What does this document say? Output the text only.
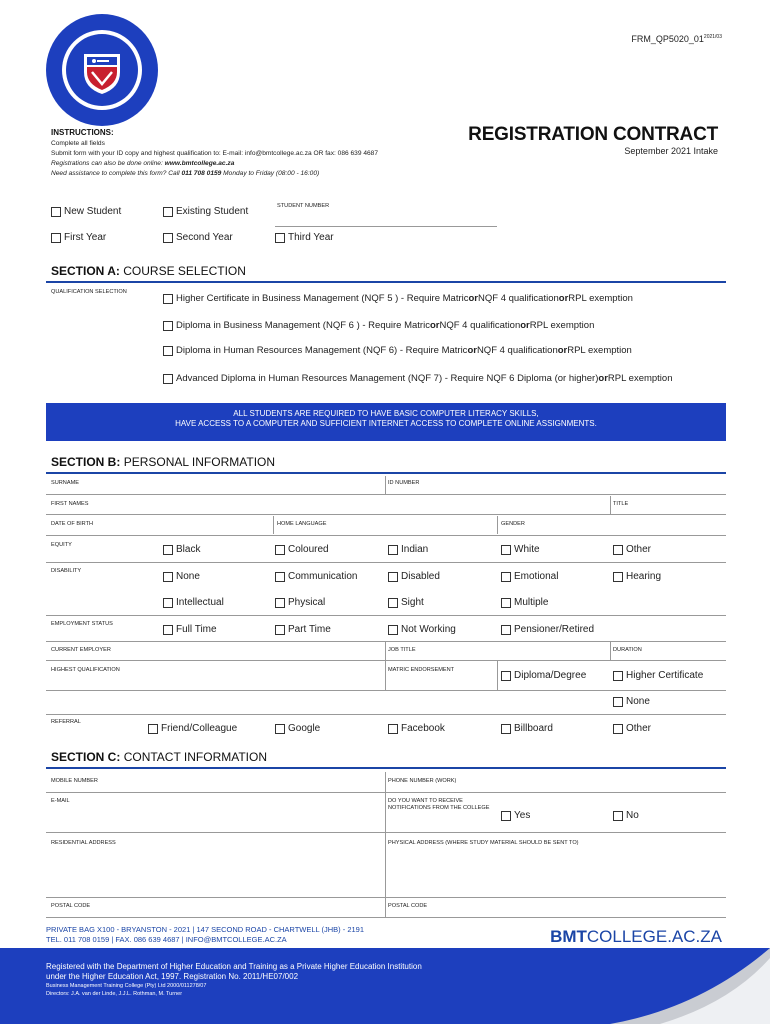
$FRM\_QP5020\_01^{2021/03}$
INSTRUCTIONS:
Complete all fields
Submit form with your ID copy and highest qualification to: E-mail: info@bmtcollege.ac.za OR fax: 086 639 4687
Registrations can also be done online: www.bmtcollege.ac.za
Need assistance to complete this form? Call 011 708 0159 Monday to Friday (08:00 - 16:00)
REGISTRATION CONTRACT
September 2021 Intake
New Student	Existing Student	STUDENT NUMBER
First Year	Second Year	Third Year
SECTION A: COURSE SELECTION
QUALIFICATION SELECTION
Higher Certificate in Business Management (NQF 5 ) - Require Matric or NQF 4 qualification or RPL exemption
Diploma in Business Management (NQF 6 ) - Require Matric or NQF 4 qualification or RPL exemption
Diploma in Human Resources Management (NQF 6) - Require Matric or NQF 4 qualification or RPL exemption
Advanced Diploma in Human Resources Management (NQF 7) - Require NQF 6 Diploma (or higher) or RPL exemption
ALL STUDENTS ARE REQUIRED TO HAVE BASIC COMPUTER LITERACY SKILLS,
HAVE ACCESS TO A COMPUTER AND SUFFICIENT INTERNET ACCESS TO COMPLETE ONLINE ASSIGNMENTS.
SECTION B: PERSONAL INFORMATION
SURNAME	ID NUMBER
FIRST NAMES	TITLE
DATE OF BIRTH	HOME LANGUAGE	GENDER
EQUITY	Black	Coloured	Indian	White	Other
DISABILITY	None	Communication	Disabled	Emotional	Hearing
Intellectual	Physical	Sight	Multiple
EMPLOYMENT STATUS	Full Time	Part Time	Not Working	Pensioner/Retired
CURRENT EMPLOYER	JOB TITLE	DURATION
HIGHEST QUALIFICATION	MATRIC ENDORSEMENT	Diploma/Degree	Higher Certificate
None
REFERRAL
Friend/Colleague	Google	Facebook	Billboard	Other
SECTION C: CONTACT INFORMATION
MOBILE NUMBER	PHONE NUMBER (WORK)
E-MAIL	DO YOU WANT TO RECEIVE NOTIFICATIONS FROM THE COLLEGE
Yes	No
RESIDENTIAL ADDRESS	PHYSICAL ADDRESS (WHERE STUDY MATERIAL SHOULD BE SENT TO)
POSTAL CODE	POSTAL CODE
PRIVATE BAG X100 - BRYANSTON - 2021 | 147 SECOND ROAD - CHARTWELL (JHB) - 2191
TEL. 011 708 0159 | FAX. 086 639 4687 | INFO@BMTCOLLEGE.AC.ZA	BMTCOLLEGE.AC.ZA
Registered with the Department of Higher Education and Training as a Private Higher Education Institution
under the Higher Education Act, 1997. Registration No. 2011/HE07/002
Business Management Training College (Pty) Ltd 2000/011278/07
Directors: J.A. van der Linde, J.J.L. Rothman, M. Turner
